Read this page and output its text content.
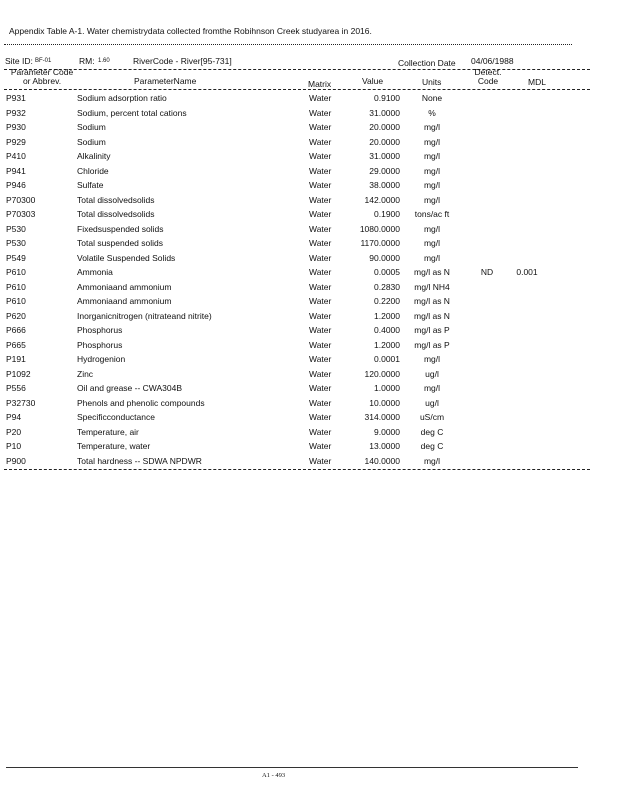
Appendix Table A-1. Water chemistrydata collected fromthe Robihnson Creek studyarea in 2016.
Site ID: BF-01	RM: 1.60	RiverCode - River[95-731]	Collection Date 04/06/1988
Parameter Code
or Abbrev.	ParameterName	Matrix	Value	Units
Detect.
Code	MDL
P931	Sodium adsorption ratio	Water	0.9100	None
P932	Sodium, percent total cations	Water	31.0000	%
P930	Sodium	Water	20.0000	mg/l
P929	Sodium	Water	20.0000	mg/l
P410	Alkalinity	Water	31.0000	mg/l
P941	Chloride	Water	29.0000	mg/l
P946	Sulfate	Water	38.0000	mg/l
P70300	Total dissolvedsolids	Water	142.0000	mg/l
P70303	Total dissolvedsolids	Water	0.1900	tons/ac ft
P530	Fixedsuspended solids	Water	1080.0000	mg/l
P530	Total suspended solids	Water	1170.0000	mg/l
P549	Volatile Suspended Solids	Water	90.0000	mg/l
P610	Ammonia	Water	0.0005	mg/l as N	ND	0.001
P610	Ammoniaand ammonium	Water	0.2830	mg/l NH4
P610	Ammoniaand ammonium	Water	0.2200	mg/l as N
P620	Inorganicnitrogen (nitrateand nitrite)	Water	1.2000	mg/l as N
P666	Phosphorus	Water	0.4000	mg/l as P
P665	Phosphorus	Water	1.2000	mg/l as P
P191	Hydrogenion	Water	0.0001	mg/l
P1092	Zinc	Water	120.0000	ug/l
P556	Oil and grease -- CWA304B	Water	1.0000	mg/l
P32730	Phenols and phenolic compounds	Water	10.0000	ug/l
P94	Specificconductance	Water	314.0000	uS/cm
P20	Temperature, air	Water	9.0000	deg C
P10	Temperature, water	Water	13.0000	deg C
P900	Total hardness -- SDWA NPDWR	Water	140.0000	mg/l
A1 - 493
